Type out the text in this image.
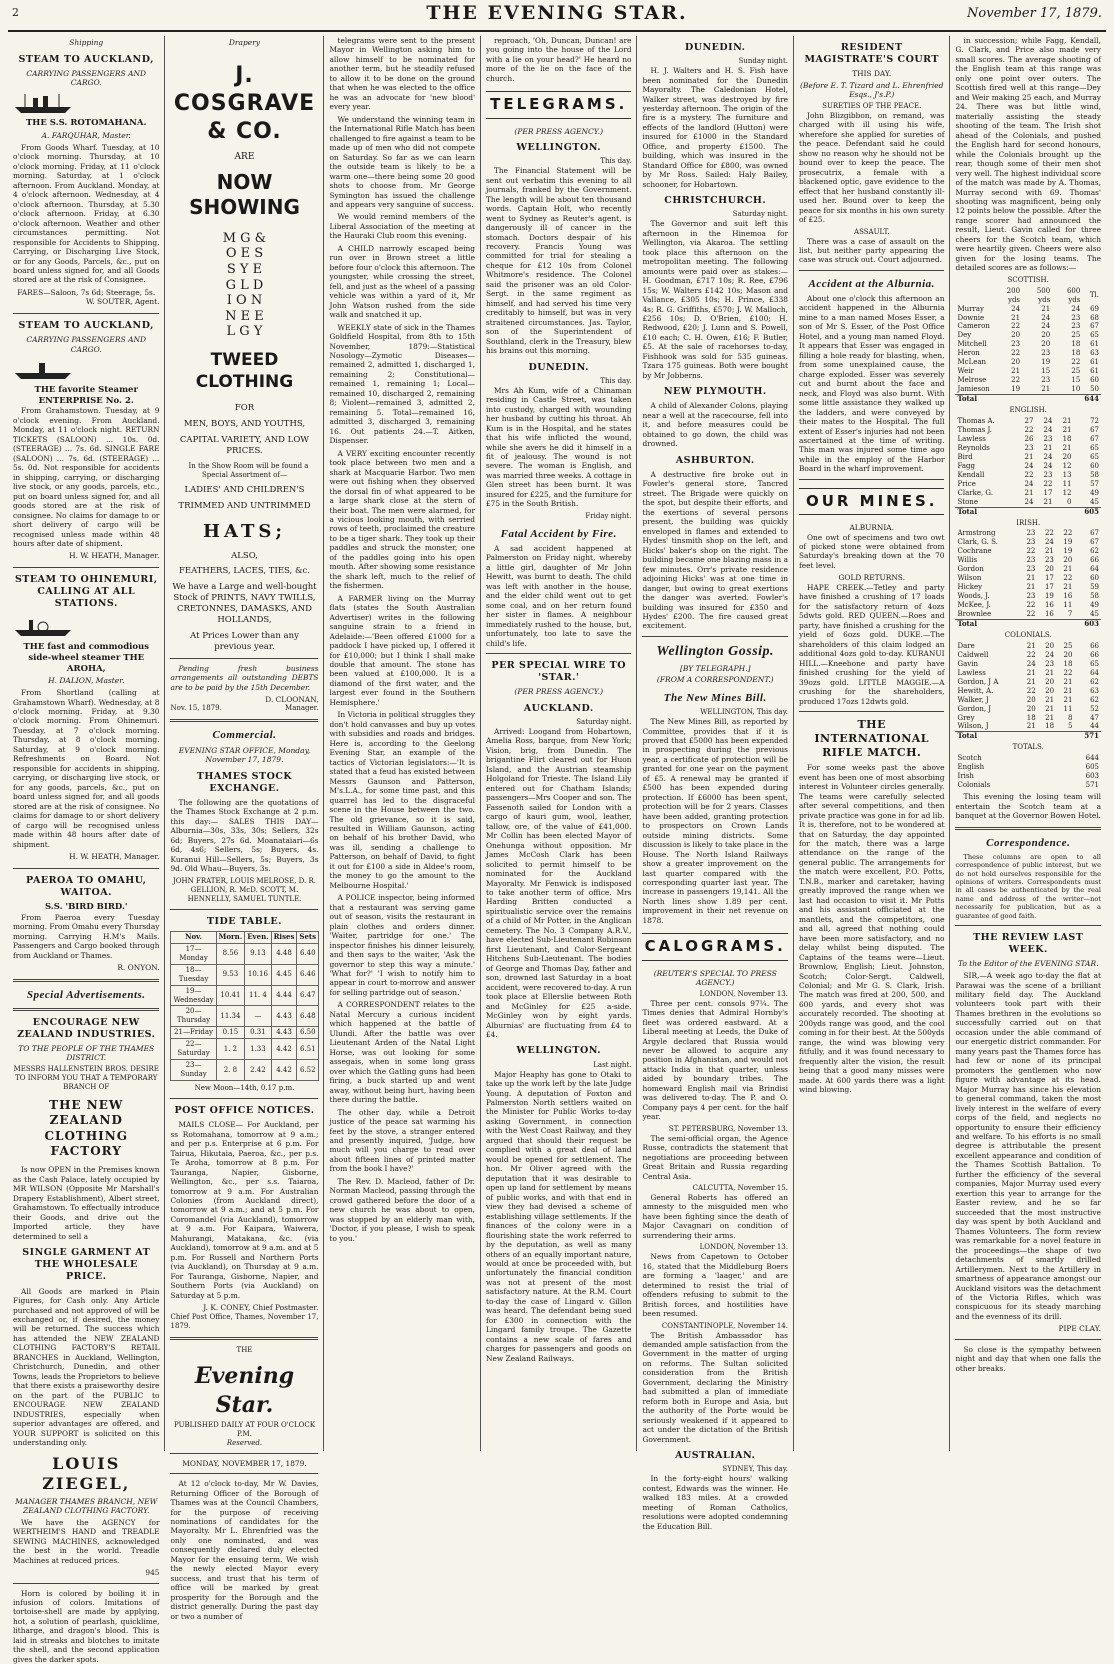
2	THE EVENING STAR.	November 17, 1879.
Shipping
STEAM TO AUCKLAND,
CARRYING PASSENGERS AND CARGO.
THE S.S. ROTOMAHANA.
A. FARQUHAR, Master.

From Goods Wharf. Tuesday, at 10 o'clock morning. Thursday, at 10 o'clock morning. Friday, at 11 o'clock morning. Saturday, at 1 o'clock afternoon. From Auckland. Monday, at 4 o'clock afternoon. Wednesday, at 4 o'clock afternoon. Thursday, at 5.30 o'clock afternoon. Friday, at 6.30 o'clock afternoon. Weather and other circumstances permitting. Not responsible for Accidents to Shipping, Carrying, or Discharging Live Stock, or for any Goods, Parcels, &c., put on board unless signed for, and all Goods stored are at the risk of Consignee.

FARES—Saloon, 7s 6d; Steerage, 5s.
W. SOUTER, Agent.
STEAM TO AUCKLAND,
CARRYING PASSENGERS AND CARGO.
THE favorite Steamer ENTERPRISE No. 2.

From Grahamstown. Tuesday, at 9 o'clock evening. From Auckland. Monday, at 11 o'clock night. RETURN TICKETS (SALOON) ... 10s. 0d. (STEERAGE) ... 7s. 6d. SINGLE FARE (SALOON) ... 7s. 6d. (STEERAGE) ... 5s. 0d. Not responsible for accidents in shipping, carrying, or discharging live stock, or any goods, parcels, etc., put on board unless signed for, and all goods stored are at the risk of consignee. No claims for damage to or short delivery of cargo will be recognised unless made within 48 hours after date of shipment.

H. W. HEATH, Manager.
STEAM TO OHINEMURI, CALLING AT ALL STATIONS.
THE fast and commodious side-wheel steamer THE AROHA,
H. DALION, Master.

From Shortland (calling at Grahamstown Wharf). Wednesday, at 8 o'clock morning. Friday, at 9.30 o'clock morning. From Ohinemuri. Tuesday, at 7 o'clock morning. Thursday, at 8 o'clock morning. Saturday, at 9 o'clock morning. Refreshments on Board. Not responsible for accidents in shipping, carrying, or discharging live stock, or for any goods, parcels, &c., put on board unless signed for, and all goods stored are at the risk of consignee. No claims for damage to or short delivery of cargo will be recognised unless made within 48 hours after date of shipment.

H. W. HEATH, Manager.
PAEROA TO OMAHU, WAITOA.
S.S. 'BIRD BIRD.'

From Paeroa every Tuesday morning. From Omahu every Thursday morning. Carrying H.M's Mails. Passengers and Cargo booked through from Auckland or Thames.

R. ONYON.
Special Advertisements.
ENCOURAGE NEW ZEALAND INDUSTRIES.
TO THE PEOPLE OF THE THAMES DISTRICT.
MESSRS HALLENSTEIN BROS. DESIRE TO INFORM YOU THAT A TEMPORARY BRANCH OF
THE NEW ZEALAND CLOTHING FACTORY

Is now OPEN in the Premises known as the Cash Palace, lately occupied by MR WILSON (Opposite Mr Marshall's Drapery Establishment), Albert street, Grahamstown. To effectually introduce their Goods, and drive out the Imported article, they have determined to sell a

SINGLE GARMENT AT THE WHOLESALE PRICE.

All Goods are marked in Plain Figures, for Cash only. Any Article purchased and not approved of will be exchanged or, if desired, the money will be returned. The success which has attended the NEW ZEALAND CLOTHING FACTORY'S RETAIL BRANCHES in Auckland, Wellington, Christchurch, Dunedin, and other Towns, leads the Proprietors to believe that there exists a praiseworthy desire on the part of the PUBLIC to ENCOURAGE NEW ZEALAND INDUSTRIES, especially when superior advantages are offered, and YOUR SUPPORT is solicited on this understanding only.

LOUIS ZIEGEL,
MANAGER THAMES BRANCH, NEW ZEALAND CLOTHING FACTORY.

We have the AGENCY for WERTHEIM'S HAND and TREADLE SEWING MACHINES, acknowledged the best in the world. Treadle Machines at reduced prices.

945

Horn is colored by boiling it in infusion of colors. Imitations of tortoise-shell are made by applying, hot, a solution of pearlash, quicklime, litharge, and dragon's blood. This is laid in streaks and blotches to imitate the shell, and the second application gives the darker spots.

Drapery
J. COSGRAVE & CO.
ARE
NOW SHOWING
M G &
O E S
S Y E
G L D
I O N
N E E
L G Y
TWEED CLOTHING
FOR
MEN, BOYS, AND YOUTHS,
CAPITAL VARIETY, AND LOW PRICES.

In the Show Room will be found a Special Assortment of—

LADIES' AND CHILDREN'S
TRIMMED AND UNTRIMMED
HATS;
ALSO,
FEATHERS, LACES, TIES, &c.
We have a Large and well-bought Stock of PRINTS, NAVY TWILLS, CRETONNES, DAMASKS, AND HOLLANDS,
At Prices Lower than any previous year.

Pending fresh business arrangements all outstanding DEBTS are to be paid by the 15th December.

D. CLOONAN,
Nov. 15, 1879.	Manager.
Commercial.
EVENING STAR OFFICE, Monday, November 17, 1879.
THAMES STOCK EXCHANGE.

The following are the quotations of the Thames Stock Exchange at 2 p.m. this day:— SALES THIS DAY— Alburnia—30s, 33s, 30s; Sellers, 32s 6d; Buyers, 27s 6d. Moanataiari—6s 6d, 4s6; Sellers, 5s; Buyers, 4s. Kuranui Hill—Sellers, 5s; Buyers, 3s 9d. Old Whau—Buyers, 3s.

JOHN FRATER, LOUIS MELROSE, D. R. GELLION, R. McD. SCOTT, M. HENNELLY, SAMUEL TUNTLE.
TIDE TABLE.
Nov.	Morn.	Even.	Rises	Sets
17—Monday	8.56	9.13	4.48	6.40
18—Tuesday	9.53	10.16	4.45	6.46
19—Wednesday	10.41	11. 4	4.44	6.47
20—Thursday	11.34	—	4.43	6.48
21—Friday	0.15	0.31	4.43	6.50
22—Saturday	1. 2	1.33	4.42	6.51
23—Sunday	2. 8	2.42	4.42	6.52
New Moon—14th, 0.17 p.m.
POST OFFICE NOTICES.

MAILS CLOSE— For Auckland, per ss Rotomahana, tomorrow at 9 a.m.; and per p.s. Enterprise at 6 p.m. For Tairua, Hikutaia, Paeroa, &c., per p.s. Te Aroha, tomorrow at 8 p.m. For Tauranga, Napier, Gisborne, Wellington, &c., per s.s. Taiaroa, tomorrow at 9 a.m. For Australian Colonies (from Auckland direct), tomorrow at 9 a.m.; and at 5 p.m. For Coromandel (via Auckland), tomorrow at 9 a.m. For Kaipara, Waiwera, Mahurangi, Matakana, &c. (via Auckland), tomorrow at 9 a.m. and at 5 p.m. For Russell and Northern Ports (via Auckland), on Thursday at 9 a.m. For Tauranga, Gisborne, Napier, and Southern Ports (via Auckland) on Saturday at 5 p.m.

J. K. CONEY, Chief Postmaster.
Chief Post Office, Thames, November 17, 1879.
THE
Evening Star.
PUBLISHED DAILY AT FOUR O'CLOCK P.M.
Reserved.
MONDAY, NOVEMBER 17, 1879.

At 12 o'clock to-day, Mr W. Davies, Returning Officer of the Borough of Thames was at the Council Chambers, for the purpose of receiving nominations of candidates for the Mayoralty. Mr L. Ehrenfried was the only one nominated, and was consequently declared duly elected Mayor for the ensuing term. We wish the newly elected Mayor every success, and trust that his term of office will be marked by great prosperity for the Borough and the district generally. During the past day or two a number of

telegrams were sent to the present Mayor in Wellington asking him to allow himself to be nominated for another term, but he steadily refused to allow it to be done on the ground that when he was elected to the office he was an advocate for 'new blood' every year.

We understand the winning team in the International Rifle Match has been challenged to fire against a team to be made up of men who did not compete on Saturday. So far as we can learn the outside team is likely to be a warm one—there being some 20 good shots to choose from. Mr George Symington has issued the challenge and appears very sanguine of success.

We would remind members of the Liberal Association of the meeting at the Hauraki Club room this evening.

A CHILD narrowly escaped being run over in Brown street a little before four o'clock this afternoon. The youngster, while crossing the street, fell, and just as the wheel of a passing vehicle was within a yard of it, Mr John Watson rushed from the side walk and snatched it up.

WEEKLY state of sick in the Thames Goldfield Hospital, from 8th to 15th November, 1879:—Statistical Nosology—Zymotic Diseases—remained 2, admitted 1, discharged 1, remaining 2; Constitutional—remained 1, remaining 1; Local—remained 10, discharged 2, remaining 8; Violent—remained 3, admitted 2, remaining 5. Total—remained 16, admitted 3, discharged 3, remaining 16. Out patients 24.—T. Aitken, Dispenser.

A VERY exciting encounter recently took place between two men and a shark at Macquarie Harbor. Two men were out fishing when they observed the dorsal fin of what appeared to be a large shark close at the stern of their boat. The men were alarmed, for a vicious looking mouth, with serried rows of teeth, proclaimed the creature to be a tiger shark. They took up their paddles and struck the monster, one of the paddles going into his open mouth. After showing some resistance the shark left, much to the relief of the fishermen.

A FARMER living on the Murray flats (states the South Australian Advertiser) writes in the following sanguine strain to a friend in Adelaide:—'Been offered £1000 for a paddock I have picked up, I offered it for £10,000; but I think I shall make double that amount. The stone has been valued at £100,000. It is a diamond of the first water, and the largest ever found in the Southern Hemisphere.'

In Victoria in political struggles they don't hold canvasses and buy up votes with subsidies and roads and bridges. Here is, according to the Geelong Evening Star, an example of the tactics of Victorian legislators:—'It is stated that a feud has existed between Messrs Gaunson and Patterson, M's.L.A., for some time past, and this quarrel has led to the disgraceful scene in the House between the two. The old grievance, so it is said, resulted in William Gaunson, acting on behalf of his brother David, who was ill, sending a challenge to Patterson, on behalf of David, to fight it out for £100 a side in Aldee's room, the money to go the amount to the Melbourne Hospital.'

A POLICE inspector, being informed that a restaurant was serving game out of season, visits the restaurant in plain clothes and orders dinner. 'Waiter, partridge for one.' The inspector finishes his dinner leisurely, and then says to the waiter, 'Ask the governor to step this way a minute.' 'What for?' 'I wish to notify him to appear in court to-morrow and answer for selling partridge out of season.'

A CORRESPONDENT relates to the Natal Mercury a curious incident which happened at the battle of Ulundi. After the battle was over Lieutenant Arden of the Natal Light Horse, was out looking for some assegais, when in some long grass over which the Gatling guns had been firing, a buck started up and went away, without being hurt, having been there during the battle.

The other day, while a Detroit justice of the peace sat warming his feet by the stove, a stranger entered and presently inquired, 'Judge, how much will you charge to read over about fifteen lines of printed matter from the book I have?'

The Rev. D. Macleod, father of Dr. Norman Macleod, passing through the crowd gathered before the door of a new church he was about to open, was stopped by an elderly man with, 'Doctor, if you please, I wish to speak to you.'

reproach, 'Oh, Duncan, Duncan! are you going into the house of the Lord with a lie on your head?' He heard no more of the lie on the face of the church.

TELEGRAMS.
(PER PRESS AGENCY.)
WELLINGTON.
This day.

The Financial Statement will be sent out verbatim this evening to all journals, franked by the Government. The length will be about ten thousand words. Captain Holt, who recently went to Sydney as Reuter's agent, is dangerously ill of cancer in the stomach. Doctors despair of his recovery. Francis Young was committed for trial for stealing a cheque for £12 10s from Colonel Whitmore's residence. The Colonel said the prisoner was an old Color-Sergt. in the same regiment as himself, and had served his time very creditably to himself, but was in very straitened circumstances. Jas. Taylor, son of the Superintendent of Southland, clerk in the Treasury, blew his brains out this morning.

DUNEDIN.
This day.

Mrs Ah Kum, wife of a Chinaman residing in Castle Street, was taken into custody, charged with wounding her husband by cutting his throat. Ah Kum is in the Hospital, and he states that his wife inflicted the wound, while she avers he did it himself in a fit of jealousy. The wound is not severe. The woman is English, and was married three weeks. A cottage in Glen street has been burnt. It was insured for £225, and the furniture for £75 in the South British.

Friday night.
Fatal Accident by Fire.

A sad accident happened at Palmerston on Friday night, whereby a little girl, daughter of Mr John Hewitt, was burnt to death. The child was left with another in the house, and the elder child went out to get some coal, and on her return found her sister in flames. A neighbour immediately rushed to the house, but, unfortunately, too late to save the child's life.

PER SPECIAL WIRE TO 'STAR.'
(PER PRESS AGENCY.)
AUCKLAND.
Saturday night.

Arrived: Loogand from Hobartown, Amelia Ross, barque, from New York; Vision, brig, from Dunedin. The brigantine Flirt cleared out for Huon Island, and the Austrian steamship Holgoland for Trieste. The Island Lily entered out for Chatham Islands; passengers—Mrs Cooper and son. The Fassenoth sailed for London with a cargo of kauri gum, wool, leather, tallow, ore, of the value of £41,000. Mr Collin has been elected Mayor of Onehunga without opposition. Mr James McCosh Clark has been solicited to permit himself to be nominated for the Auckland Mayoralty. Mr Fenwick is indisposed to take another term of office. Mrs Harding Britten conducted a spiritualistic service over the remains of a child of Mr Potter, in the Anglican cemetery. The No. 3 Company A.R.V., have elected Sub-Lieutenant Robinson first Lieutenant, and Color-Sergeant Hitchens Sub-Lieutenant. The bodies of George and Thomas Day, father and son, drowned last Saturday in a boat accident, were recovered to-day. A run took place at Ellerslie between Roth and McGinley for £25 a-side. McGinley won by eight yards. Alburnias' are fluctuating from £4 to £4.

WELLINGTON.
Last night.

Major Heaphy has gone to Otaki to take up the work left by the late Judge Young. A deputation of Foxton and Palmerston North settlers waited on the Minister for Public Works to-day asking Government, in connection with the West Coast Railway, and they argued that should their request be complied with a great deal of land would be opened for settlement. The hon. Mr Oliver agreed with the deputation that it was desirable to open up land for settlement by means of public works, and with that end in view they had devised a scheme of establishing village settlements. If the finances of the colony were in a flourishing state the work referred to by the deputation, as well as many others of an equally important nature, would at once be proceeded with, but unfortunately the financial condition was not at present of the most satisfactory nature. At the R.M. Court to-day the case of Lingard v. Gillon was heard. The defendant being sued for £300 in connection with the Lingard family troupe. The Gazette contains a new scale of fares and charges for passengers and goods on New Zealand Railways.

DUNEDIN.
Sunday night.

H. J. Walters and H. S. Fish have been nominated for the Dunedin Mayoralty. The Caledonian Hotel, Walker street, was destroyed by fire yesterday afternoon. The origin of the fire is a mystery. The furniture and effects of the landlord (Hutton) were insured for £1000 in the Standard Office, and property £1500. The building, which was insured in the Standard Office for £800, was owned by Mr Ross. Sailed: Haly Bailey, schooner, for Hobartown.

CHRISTCHURCH.
Saturday night.

The Governor and suit left this afternoon in the Hinemoa for Wellington, via Akaroa. The settling took place this afternoon on the metropolitan meeting. The following amounts were paid over as stakes:—H. Goodman, £717 10s; R. Ree, £796 15s; W. Walters £142 10s; Mason and Vallance, £305 10s; H. Prince, £338 4s; R. G. Griffiths, £570; J. W. Malloch, £256 10s; D. O'Brien, £100; H. Redwood, £20; J. Lunn and S. Powell, £10 each; C. H. Owen, £16; F. Butler, £5. At the sale of racehorses to-day, Fishhook was sold for 535 guineas. Tzara 175 guineas. Both were bought by Mr Jobberns.

NEW PLYMOUTH.

A child of Alexander Colons, playing near a well at the racecourse, fell into it, and before measures could be obtained to go down, the child was drowned.

ASHBURTON.

A destructive fire broke out in Fowler's general store, Tancred street. The Brigade were quickly on the spot, but despite their efforts, and the exertions of several persons present, the building was quickly enveloped in flames and extended to Hydes' tinsmith shop on the left, and Hicks' baker's shop on the right. The building became one blazing mass in a few minutes. Orr's private residence adjoining Hicks' was at one time in danger, but owing to great exertions the danger was averted. Fowler's building was insured for £350 and Hydes' £200. The fire caused great excitement.

Wellington Gossip.
[BY TELEGRAPH.]
(FROM A CORRESPONDENT.)
The New Mines Bill.
WELLINGTON, This day.

The New Mines Bill, as reported by Committee, provides that if it is proved that £5000 has been expended in prospecting during the previous year, a certificate of protection will be granted for one year on the payment of £5. A renewal may be granted if £500 has been expended during protection. If £6000 has been spent, protection will be for 2 years. Classes have been added, granting protection to prospectors on Crown Lands outside mining districts. Some discussion is likely to take place in the House. The North Island Railways show a greater improvement on the last quarter compared with the corresponding quarter last year. The increase in passengers 19,141. All the North lines show 1.89 per cent. improvement in their net revenue on 1878.

CALOGRAMS.
(REUTER'S SPECIAL TO PRESS AGENCY.)
LONDON, November 13.

Three per cent. consols 97¼. The Times denies that Admiral Hornby's fleet was ordered eastward. At a Liberal meeting at Leeds, the Duke of Argyle declared that Russia would never be allowed to acquire any position in Afghanistan, and would not attack India in that quarter, unless aided by boundary tribes. The homeward English mail via Brindisi was delivered to-day. The P. and O. Company pays 4 per cent. for the half year.

ST. PETERSBURG, November 13.

The semi-official organ, the Agence Russe, contradicts the statement that negotiations are proceeding between Great Britain and Russia regarding Central Asia.

CALCUTTA, November 15.

General Roberts has offered an amnesty to the misguided men who have been fighting since the death of Major Cavagnari on condition of surrendering their arms.

LONDON, November 13.

News from Capetown to October 16, stated that the Middleburg Boers are forming a 'laager,' and are determined to resist the trial of offenders refusing to submit to the British forces, and hostilities have been resumed.

CONSTANTINOPLE, November 14.

The British Ambassador has demanded ample satisfaction from the Government in the matter of urging on reforms. The Sultan solicited consideration from the British Government, declaring the Ministry had submitted a plan of immediate reform both in Europe and Asia, but the authority of the Porte would be seriously weakened if it appeared to act under the dictation of the British Government.

AUSTRALIAN.
SYDNEY, This day.

In the forty-eight hours' walking contest, Edwards was the winner. He walked 183 miles. At a crowded meeting of Roman Catholics, resolutions were adopted condemning the Education Bill.

RESIDENT MAGISTRATE'S COURT
THIS DAY.
(Before E. T. Tizard and L. Ehrenfried Esqs., J's.P.)
SURETIES OF THE PEACE.

John Blizgibbon, on remand, was charged with ill using his wife, wherefore she applied for sureties of the peace. Defendant said he could show no reason why he should not be bound over to keep the peace. The prosecutrix, a female with a blackened optic, gave evidence to the effect that her husband constantly ill-used her. Bound over to keep the peace for six months in his own surety of £25.

ASSAULT.

There was a case of assault on the list, but neither party appearing the case was struck out. Court adjourned.

Accident at the Alburnia.

About one o'clock this afternoon an accident happened in the Alburnia mine to a man named Moses Esser, a son of Mr S. Esser, of the Post Office Hotel, and a young man named Floyd. It appears that Esser was engaged in filling a hole ready for blasting, when, from some unexplained cause, the charge exploded. Esser was severely cut and burnt about the face and neck, and Floyd was also burnt. With some little assistance they walked up the ladders, and were conveyed by their mates to the Hospital. The full extent of Esser's injuries had not been ascertained at the time of writing. This man was injured some time ago while in the employ of the Harbor Board in the wharf improvement.

OUR MINES.
ALBURNIA.

One owt of specimens and two owt of picked stone were obtained from Saturday's breaking down at the 70 feet level.

GOLD RETURNS.

HAPE CREEK.—Tetley and party have finished a crushing of 17 loads for the satisfactory return of 4ozs 5dwts gold. RED QUEEN.—Roes and party, have finished a crushing for the yield of 6ozs gold. DUKE.—The shareholders of this claim lodged an additional 4ozs gold to-day. KURANUI HILL.—Kneebone and party have finished crushing for the yield of 39ozs gold. LITTLE MAGGIE.—A crushing for the shareholders, produced 17ozs 12dwts gold.

THE INTERNATIONAL RIFLE MATCH.

For some weeks past the above event has been one of most absorbing interest in Volunteer circles generally. The teams were carefully selected after several competitions, and then private practice was gone in for ad lib. It is, therefore, not to be wondered at that on Saturday, the day appointed for the match, there was a large attendance on the range of the general public. The arrangements for the match were excellent, P.O. Potts, T.N.B., marker and caretaker, having greatly improved the range when we last had occasion to visit it. Mr Potts and his assistant officiated at the mantlets, and the competitors, one and all, agreed that nothing could have been more satisfactory, and no delay whilst being disputed. The Captains of the teams were—Lieut. Brownlow, English; Lieut. Johnston, Scotch; Color-Sergt. Caldwell, Colonial; and Mr G. S. Clark, Irish. The match was fired at 200, 500, and 600 yards, and every shot was accurately recorded. The shooting at 200yds range was good, and the cool coming in for their best. At the 500yds range, the wind was blowing very fitfully, and it was found necessary to frequently alter the vision, the result being that a good many misses were made. At 600 yards there was a light wind blowing.

in succession; while Fagg, Kendall, G. Clark, and Price also made very small scores. The average shooting of the English team at this range was only one point over outers. The Scottish fired well at this range—Dey and Weir making 25 each, and Murray 24. There was but little wind, materially assisting the steady shooting of the team. The Irish shot ahead of the Colonials, and pushed the English hard for second honours, while the Colonials brought up the rear, though some of their men shot very well. The highest individual score of the match was made by A. Thomas, Murray second with 69. Thomas' shooting was magnificent, being only 12 points below the possible. After the range scorer had announced the result, Lieut. Gavin called for three cheers for the Scotch team, which were heartily given. Cheers were also given for the losing teams. The detailed scores are as follows:—

SCOTTISH.
	200 yds	500 yds	600 yds	Tl.
Murray	24	21	24	69
Downie	21	24	23	68
Cameron	22	24	23	67
Dey	20	20	25	65
Mitchell	23	20	18	61
Heron	22	23	18	63
McLean	20	19	22	61
Weir	21	15	25	61
Melrose	22	23	15	60
Jamieson	19	21	10	50
Total				644
ENGLISH.
Thomas A.	27	24	21	72
Thomas J.	22	24	21	67
Lawless	26	23	18	67
Reynolds	23	21	21	65
Bird	21	24	20	65
Fagg	24	24	12	60
Kendall	22	23	13	58
Price	24	22	11	57
Clarke, G.	21	17	12	49
Stone	24	21	0	45
Total				605
IRISH.
Armstrong	23	22	22	67
Clark, G. S.	23	24	19	67
Cochrane	22	21	19	62
Willis	23	23	20	66
Gordon	23	20	21	64
Wilson	21	17	22	60
Hickey	21	17	21	59
Woods, J.	23	19	16	58
McKee, J.	22	16	11	49
Brownlee	22	16	7	45
Total				603
COLONIALS.
Dare	21	20	25	66
Caldwell	22	24	20	66
Gavin	24	23	18	65
Lawless	21	21	22	64
Gordon, J A	21	20	21	62
Hewitt, A.	22	20	21	63
Walker, J	20	21	21	62
Gordon, J	20	21	11	52
Grey	18	21	8	47
Wilson, J	21	18	5	44
Total				571
TOTALS.
Scotch	644
English	605
Irish	603
Colonials	571

This evening the losing team will entertain the Scotch team at a banquet at the Governor Bowen Hotel.

Correspondence.

These columns are open to all correspondence of public interest, but we do not hold ourselves responsible for the opinions of writers. Correspondents must in all cases be authenticated by the real name and address of the writer—not necessarily for publication, but as a guarantee of good faith.

THE REVIEW LAST WEEK.
To the Editor of the EVENING STAR.

SIR,—A week ago to-day the flat at Parawai was the scene of a brilliant military field day. The Auckland volunteers took part with their Thames brethren in the evolutions so successfully carried out on that occasion under the able command of our energetic district commander. For many years past the Thames force has had few or none of its principal promoters the gentlemen who now figure with advantage at its head. Major Murray has since his elevation to general command, taken the most lively interest in the welfare of every corps of the field, and neglects no opportunity to ensure their efficiency and welfare. To his efforts is no small degree is attributable the present excellent appearance and condition of the Thames Scottish Battalion. To further the efficiency of the several companies, Major Murray used every exertion this year to arrange for the Easter review, and he so far succeeded that the most instructive day was spent by both Auckland and Thames Volunteers. The form review was remarkable for a novel feature in the proceedings—the shape of two detachments of smartly drilled Artillerymen. Next to the Artillery in smartness of appearance amongst our Auckland visitors was the detachment of the Victoria Rifles, which was conspicuous for its steady marching and the evenness of its drill.

PIPE CLAY.

So close is the sympathy between night and day that when one falls the other breaks.
